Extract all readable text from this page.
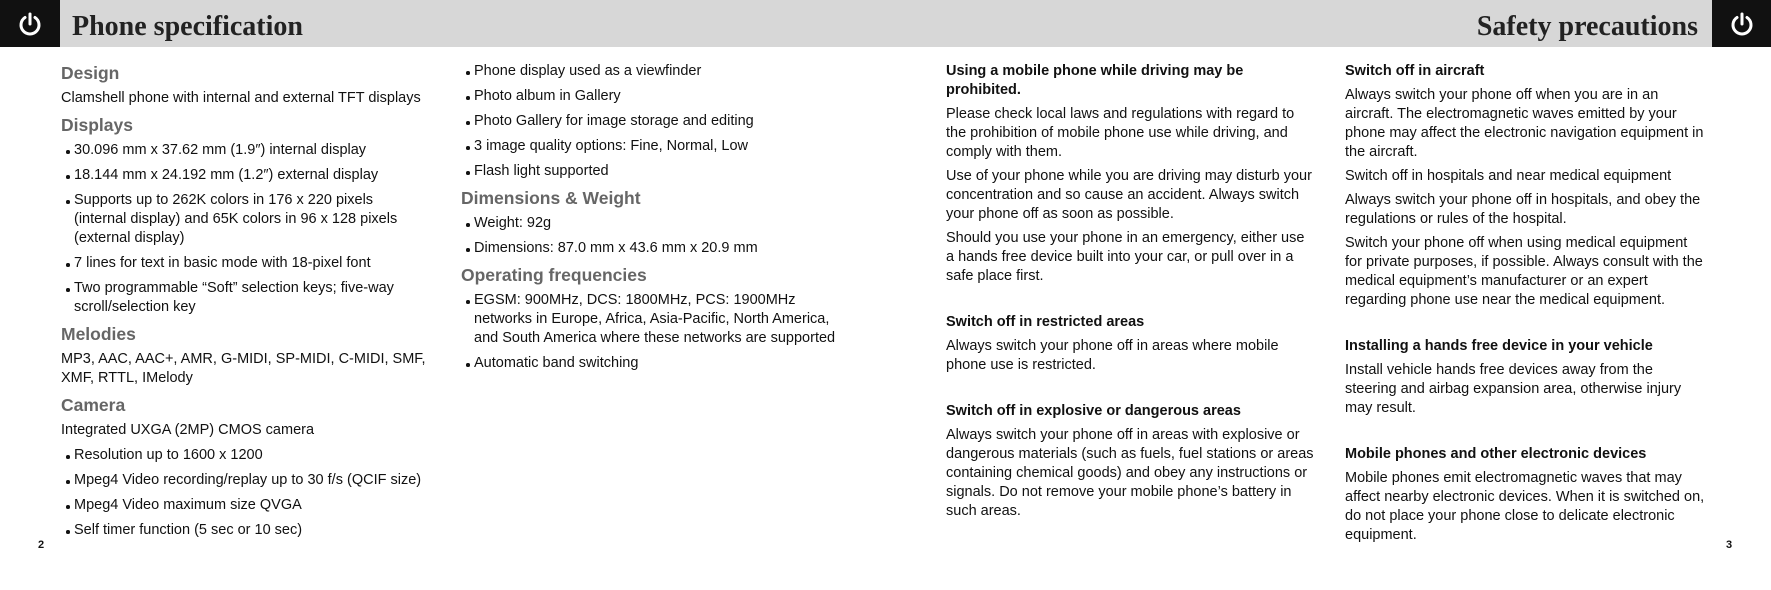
Phone specification	Safety precautions
Design
Clamshell phone with internal and external TFT displays
Displays
30.096 mm x 37.62 mm (1.9″) internal display
18.144 mm x 24.192 mm (1.2″) external display
Supports up to 262K colors in 176 x 220 pixels (internal display) and 65K colors in 96 x 128 pixels (external display)
7 lines for text in basic mode with 18-pixel font
Two programmable “Soft” selection keys; five-way scroll/selection key
Melodies
MP3, AAC, AAC+, AMR, G-MIDI, SP-MIDI, C-MIDI, SMF, XMF, RTTL, IMelody
Camera
Integrated UXGA (2MP) CMOS camera
Resolution up to 1600 x 1200
Mpeg4 Video recording/replay up to 30 f/s (QCIF size)
Mpeg4 Video maximum size QVGA
Self timer function (5 sec or 10 sec)
Phone display used as a viewfinder
Photo album in Gallery
Photo Gallery for image storage and editing
3 image quality options: Fine, Normal, Low
Flash light supported
Dimensions & Weight
Weight: 92g
Dimensions: 87.0 mm x 43.6 mm x 20.9 mm
Operating frequencies
EGSM: 900MHz, DCS: 1800MHz, PCS: 1900MHz networks in Europe, Africa, Asia-Pacific, North America, and South America where these networks are supported
Automatic band switching
Using a mobile phone while driving may be prohibited.
Please check local laws and regulations with regard to the prohibition of mobile phone use while driving, and comply with them.
Use of your phone while you are driving may disturb your concentration and so cause an accident. Always switch your phone off as soon as possible.
Should you use your phone in an emergency, either use a hands free device built into your car, or pull over in a safe place first.
Switch off in restricted areas
Always switch your phone off in areas where mobile phone use is restricted.
Switch off in explosive or dangerous areas
Always switch your phone off in areas with explosive or dangerous materials (such as fuels, fuel stations or areas containing chemical goods) and obey any instructions or signals. Do not remove your mobile phone’s battery in such areas.
Switch off in aircraft
Always switch your phone off when you are in an aircraft. The electromagnetic waves emitted by your phone may affect the electronic navigation equipment in the aircraft.
Switch off in hospitals and near medical equipment
Always switch your phone off in hospitals, and obey the regulations or rules of the hospital.
Switch your phone off when using medical equipment for private purposes, if possible. Always consult with the medical equipment’s manufacturer or an expert regarding phone use near the medical equipment.
Installing a hands free device in your vehicle
Install vehicle hands free devices away from the steering and airbag expansion area, otherwise injury may result.
Mobile phones and other electronic devices
Mobile phones emit electromagnetic waves that may affect nearby electronic devices. When it is switched on, do not place your phone close to delicate electronic equipment.
2	3
